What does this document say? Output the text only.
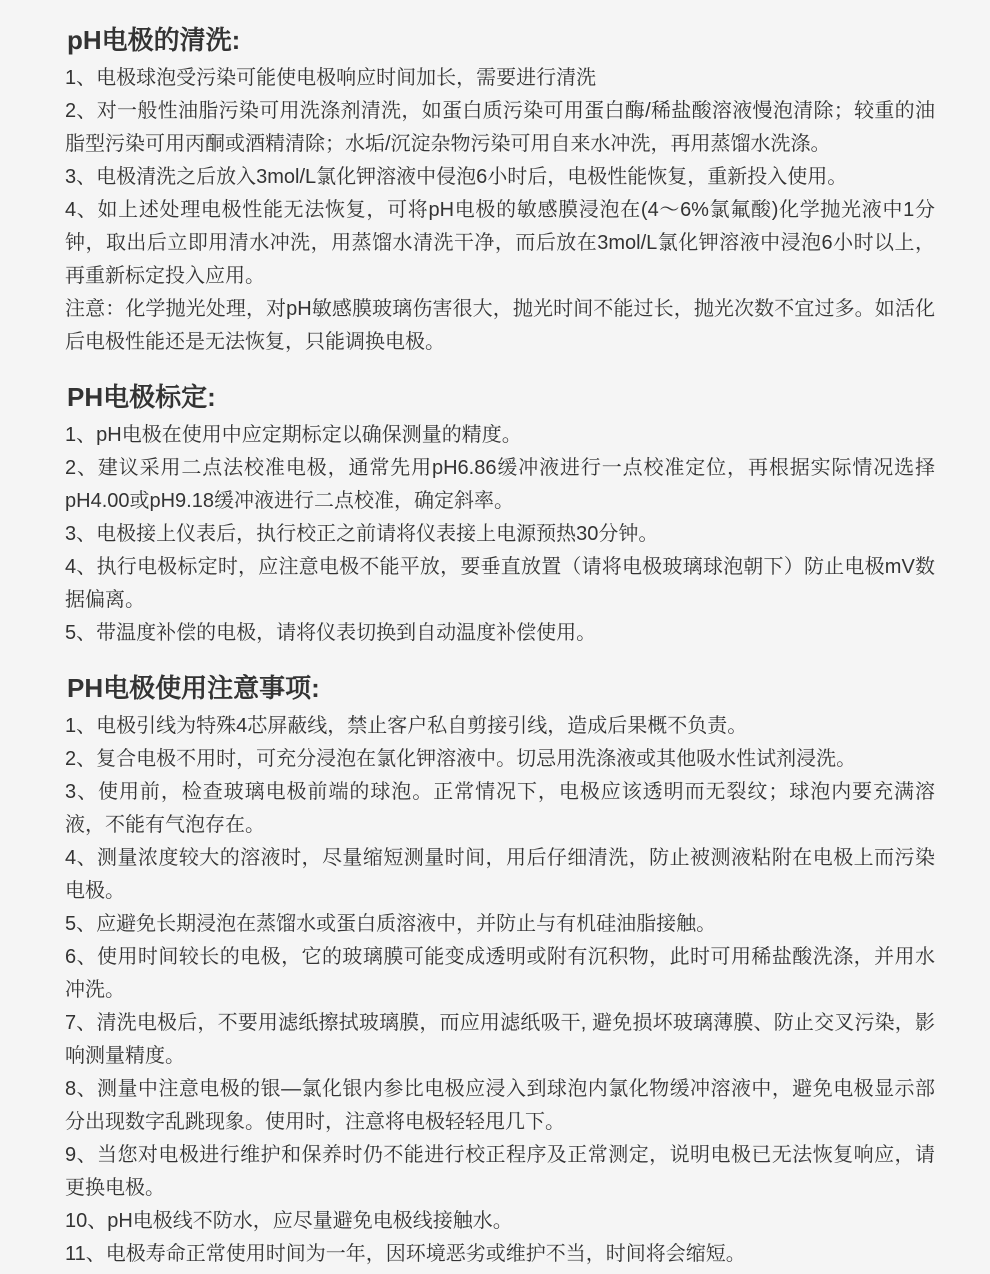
pH电极的清洗:

1、电极球泡受污染可能使电极响应时间加长，需要进行清洗

2、对一般性油脂污染可用洗涤剂清洗，如蛋白质污染可用蛋白酶/稀盐酸溶液慢泡清除；较重的油脂型污染可用丙酮或酒精清除；水垢/沉淀杂物污染可用自来水冲洗，再用蒸馏水洗涤。

3、电极清洗之后放入3mol/L氯化钾溶液中侵泡6小时后，电极性能恢复，重新投入使用。

4、如上述处理电极性能无法恢复，可将pH电极的敏感膜浸泡在(4～6%氯氟酸)化学抛光液中1分钟，取出后立即用清水冲洗，用蒸馏水清洗干净，而后放在3mol/L氯化钾溶液中浸泡6小时以上，再重新标定投入应用。

注意：化学抛光处理，对pH敏感膜玻璃伤害很大，抛光时间不能过长，抛光次数不宜过多。如活化后电极性能还是无法恢复，只能调换电极。

PH电极标定:

1、pH电极在使用中应定期标定以确保测量的精度。

2、建议采用二点法校准电极，通常先用pH6.86缓冲液进行一点校准定位，再根据实际情况选择pH4.00或pH9.18缓冲液进行二点校准，确定斜率。

3、电极接上仪表后，执行校正之前请将仪表接上电源预热30分钟。

4、执行电极标定时，应注意电极不能平放，要垂直放置（请将电极玻璃球泡朝下）防止电极mV数据偏离。

5、带温度补偿的电极，请将仪表切换到自动温度补偿使用。

PH电极使用注意事项:

1、电极引线为特殊4芯屏蔽线，禁止客户私自剪接引线，造成后果概不负责。

2、复合电极不用时，可充分浸泡在氯化钾溶液中。切忌用洗涤液或其他吸水性试剂浸洗。

3、使用前，检查玻璃电极前端的球泡。正常情况下，电极应该透明而无裂纹；球泡内要充满溶液，不能有气泡存在。

4、测量浓度较大的溶液时，尽量缩短测量时间，用后仔细清洗，防止被测液粘附在电极上而污染电极。

5、应避免长期浸泡在蒸馏水或蛋白质溶液中，并防止与有机硅油脂接触。

6、使用时间较长的电极，它的玻璃膜可能变成透明或附有沉积物，此时可用稀盐酸洗涤，并用水冲洗。

7、清洗电极后，不要用滤纸擦拭玻璃膜，而应用滤纸吸干, 避免损坏玻璃薄膜、防止交叉污染，影响测量精度。

8、测量中注意电极的银—氯化银内参比电极应浸入到球泡内氯化物缓冲溶液中，避免电极显示部分出现数字乱跳现象。使用时，注意将电极轻轻甩几下。

9、当您对电极进行维护和保养时仍不能进行校正程序及正常测定，说明电极已无法恢复响应，请更换电极。

10、pH电极线不防水，应尽量避免电极线接触水。

11、电极寿命正常使用时间为一年，因环境恶劣或维护不当，时间将会缩短。
